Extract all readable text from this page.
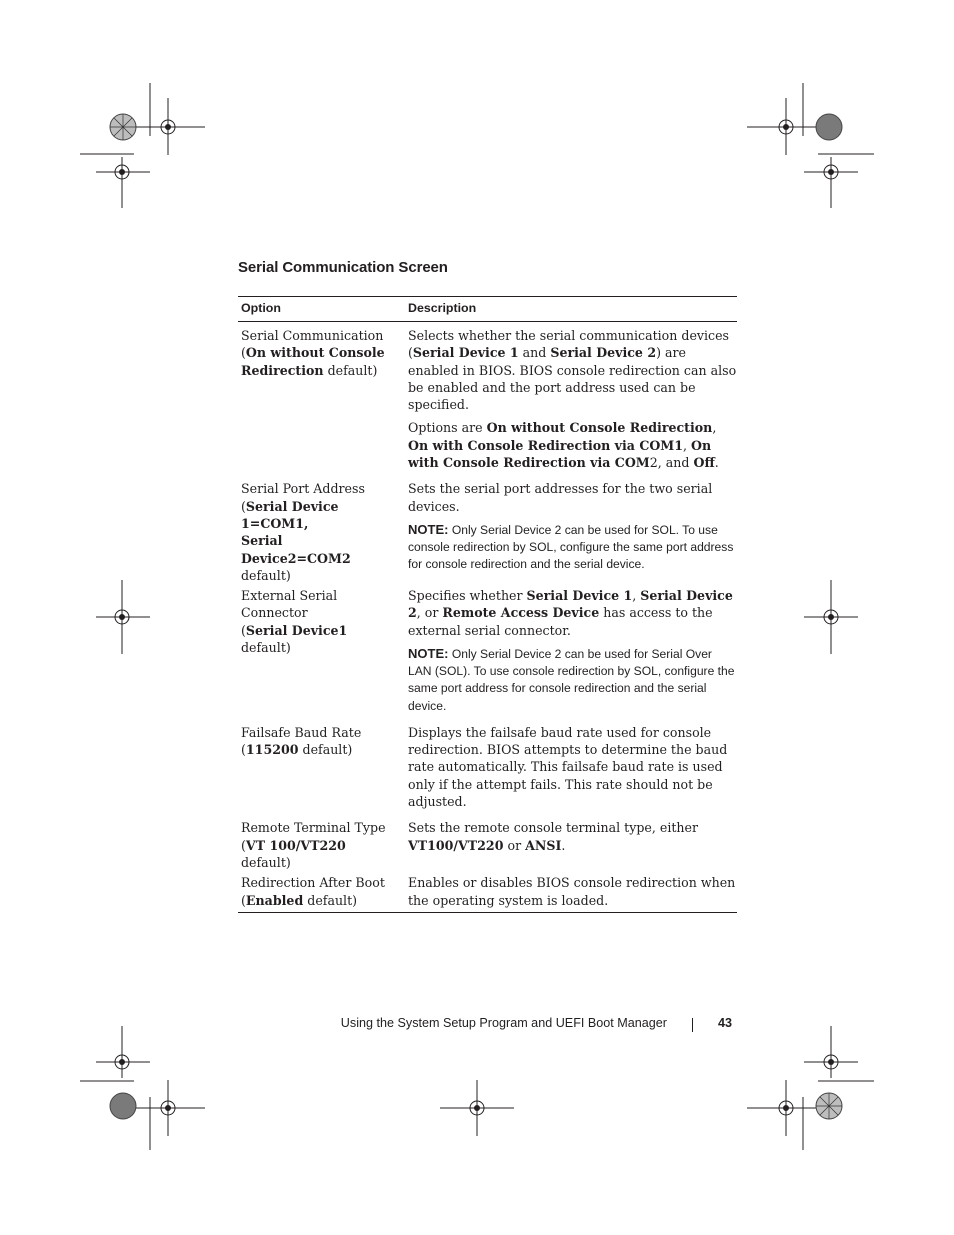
Serial Communication Screen
Option	Description
Serial Communication
(On without Console
Redirection default)

Selects whether the serial communication devices (Serial Device 1 and Serial Device 2) are enabled in BIOS. BIOS console redirection can also be enabled and the port address used can be specified.

Options are On without Console Redirection, On with Console Redirection via COM1, On with Console Redirection via COM2, and Off.

Serial Port Address
(Serial Device 1=COM1,
Serial Device2=COM2
default)

Sets the serial port addresses for the two serial devices.

NOTE: Only Serial Device 2 can be used for SOL. To use console redirection by SOL, configure the same port address for console redirection and the serial device.

External Serial Connector
(Serial Device1 default)

Specifies whether Serial Device 1, Serial Device 2, or Remote Access Device has access to the external serial connector.

NOTE: Only Serial Device 2 can be used for Serial Over LAN (SOL). To use console redirection by SOL, configure the same port address for console redirection and the serial device.

Failsafe Baud Rate
(115200 default)

Displays the failsafe baud rate used for console redirection. BIOS attempts to determine the baud rate automatically. This failsafe baud rate is used only if the attempt fails. This rate should not be adjusted.

Remote Terminal Type
(VT 100/VT220 default)

Sets the remote console terminal type, either VT100/VT220 or ANSI.

Redirection After Boot
(Enabled default)

Enables or disables BIOS console redirection when the operating system is loaded.

Using the System Setup Program and UEFI Boot Manager	43
